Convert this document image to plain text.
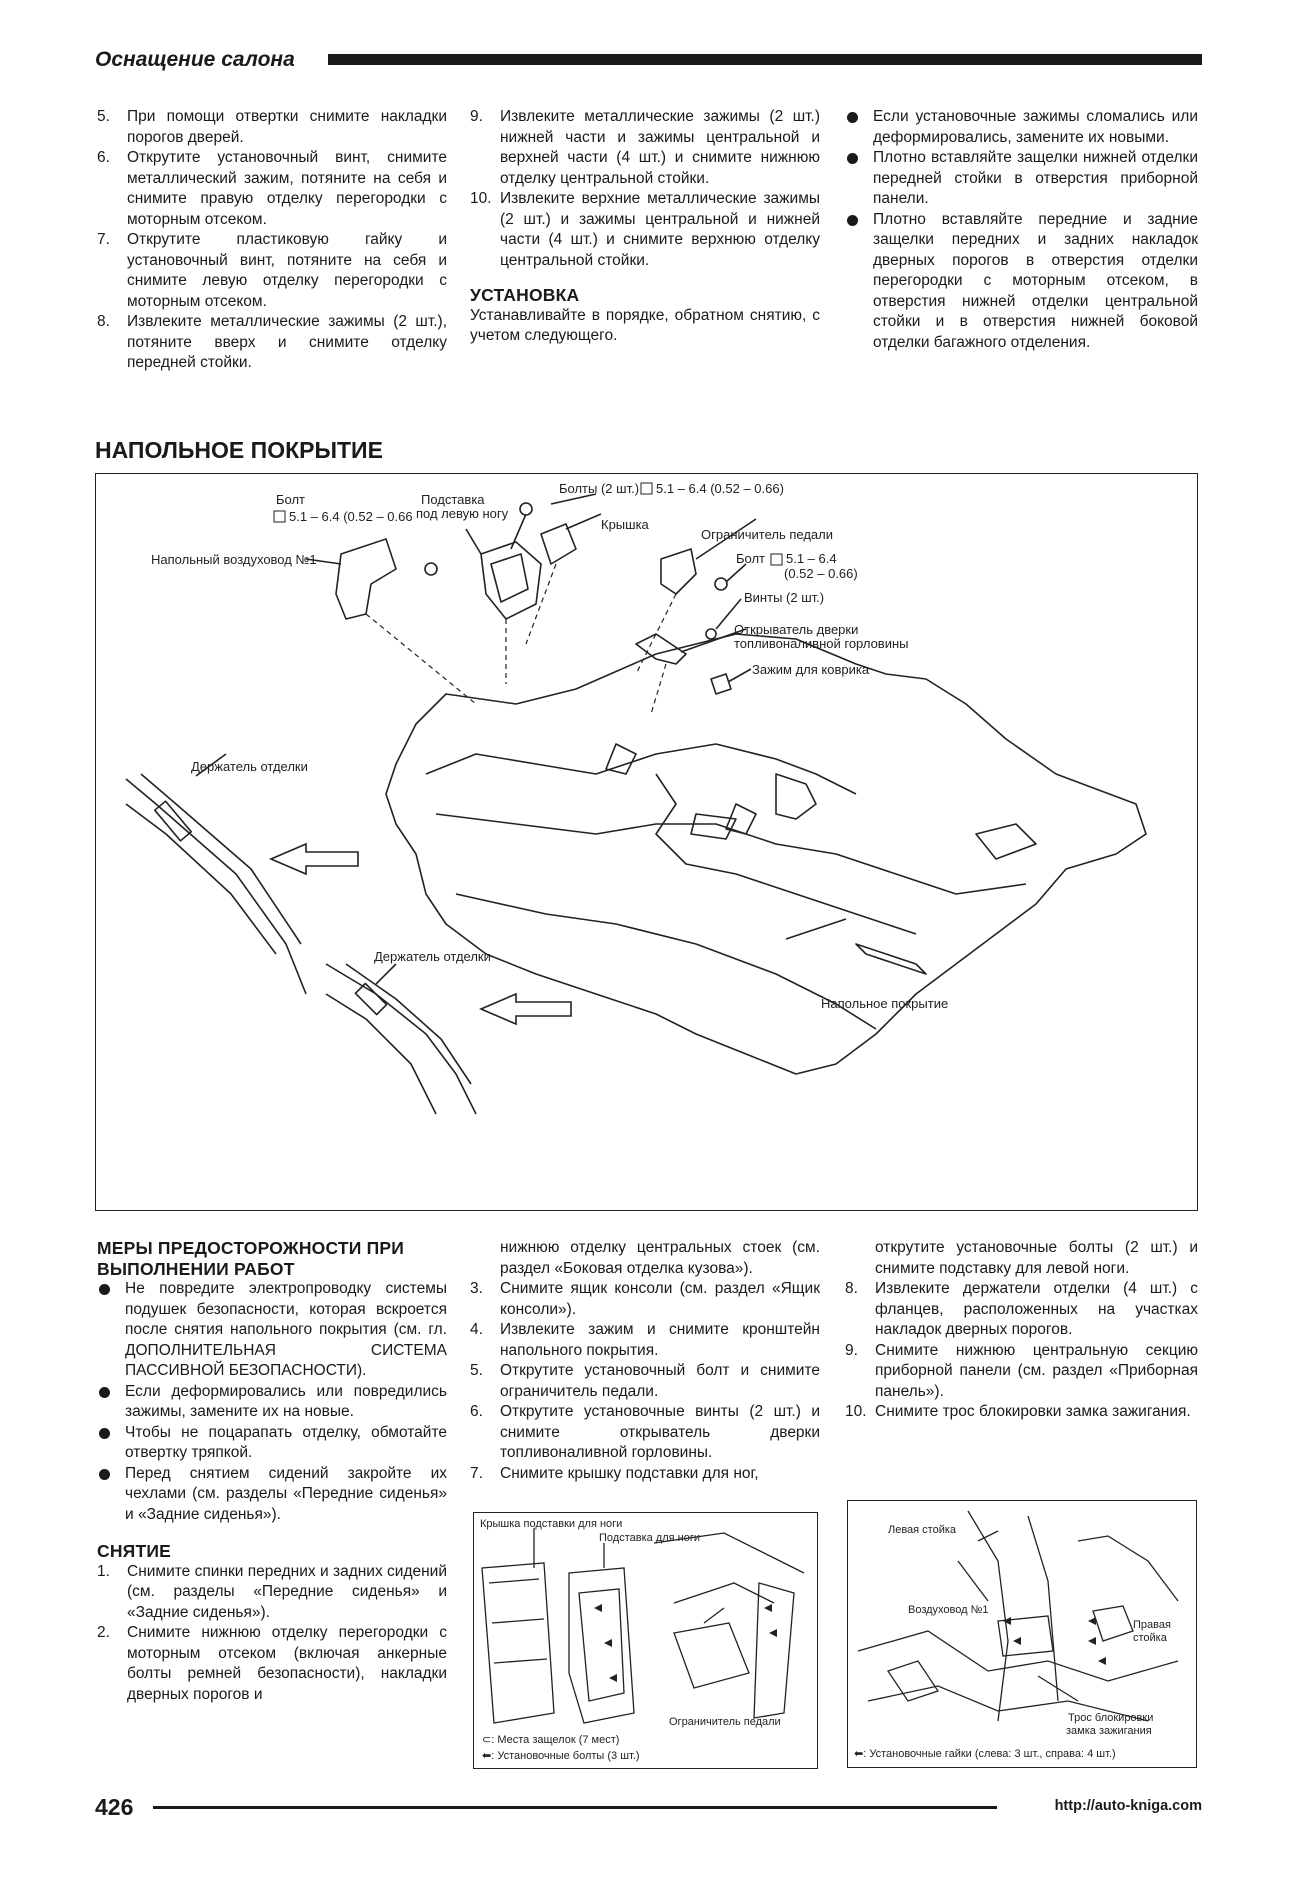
Оснащение салона
5. При помощи отвертки снимите накладки порогов дверей.
6. Открутите установочный винт, снимите металлический зажим, потяните на себя и снимите правую отделку перегородки с моторным отсеком.
7. Открутите пластиковую гайку и установочный винт, потяните на себя и снимите левую отделку перегородки с моторным отсеком.
8. Извлеките металлические зажимы (2 шт.), потяните вверх и снимите отделку передней стойки.
9. Извлеките металлические зажимы (2 шт.) нижней части и зажимы центральной и верхней части (4 шт.) и снимите нижнюю отделку центральной стойки.
10. Извлеките верхние металлические зажимы (2 шт.) и зажимы центральной и нижней части (4 шт.) и снимите верхнюю отделку центральной стойки.
УСТАНОВКА

Устанавливайте в порядке, обратном снятию, с учетом следующего.

Если установочные зажимы сломались или деформировались, замените их новыми.
Плотно вставляйте защелки нижней отделки передней стойки в отверстия приборной панели.
Плотно вставляйте передние и задние защелки передних и задних накладок дверных порогов в отверстия отделки перегородки с моторным отсеком, в отверстия нижней отделки центральной стойки и в отверстия нижней боковой отделки багажного отделения.
НАПОЛЬНОЕ ПОКРЫТИЕ
Болт
5.1 – 6.4 (0.52 – 0.66
Подставка
под левую ногу
Болты (2 шт.) 5.1 – 6.4 (0.52 – 0.66)
Крышка
Ограничитель педали
Болт 5.1 – 6.4
(0.52 – 0.66)
Напольный воздуховод №1
Винты (2 шт.)
Открыватель дверки
топливоналивной горловины
Зажим для коврика
Держатель отделки
Держатель отделки
Напольное покрытие
МЕРЫ ПРЕДОСТОРОЖНОСТИ ПРИ
ВЫПОЛНЕНИИ РАБОТ
Не повредите электропроводку системы подушек безопасности, которая вскроется после снятия напольного покрытия (см. гл. ДОПОЛНИТЕЛЬНАЯ СИСТЕМА ПАССИВНОЙ БЕЗОПАСНОСТИ).
Если деформировались или повредились зажимы, замените их на новые.
Чтобы не поцарапать отделку, обмотайте отвертку тряпкой.
Перед снятием сидений закройте их чехлами (см. разделы «Передние сиденья» и «Задние сиденья»).
СНЯТИЕ
1. Снимите спинки передних и задних сидений (см. разделы «Передние сиденья» и «Задние сиденья»).
2. Снимите нижнюю отделку перегородки с моторным отсеком (включая анкерные болты ремней безопасности), накладки дверных порогов и

нижнюю отделку центральных стоек (см. раздел «Боковая отделка кузова»).

3. Снимите ящик консоли (см. раздел «Ящик консоли»).
4. Извлеките зажим и снимите кронштейн напольного покрытия.
5. Открутите установочный болт и снимите ограничитель педали.
6. Открутите установочные винты (2 шт.) и снимите открыватель дверки топливоналивной горловины.
7. Снимите крышку подставки для ног,

открутите установочные болты (2 шт.) и снимите подставку для левой ноги.

8. Извлеките держатели отделки (4 шт.) с фланцев, расположенных на участках накладок дверных порогов.
9. Снимите нижнюю центральную секцию приборной панели (см. раздел «Приборная панель»).
10. Снимите трос блокировки замка зажигания.
Крышка подставки для ноги
Подставка для ноги
Ограничитель педали
⊂: Места защелок (7 мест)
⬅: Установочные болты (3 шт.)
Левая стойка
Воздуховод №1
Правая
стойка
Трос блокировки
замка зажигания
⬅: Установочные гайки (слева: 3 шт., справа: 4 шт.)
426	http://auto-kniga.com
